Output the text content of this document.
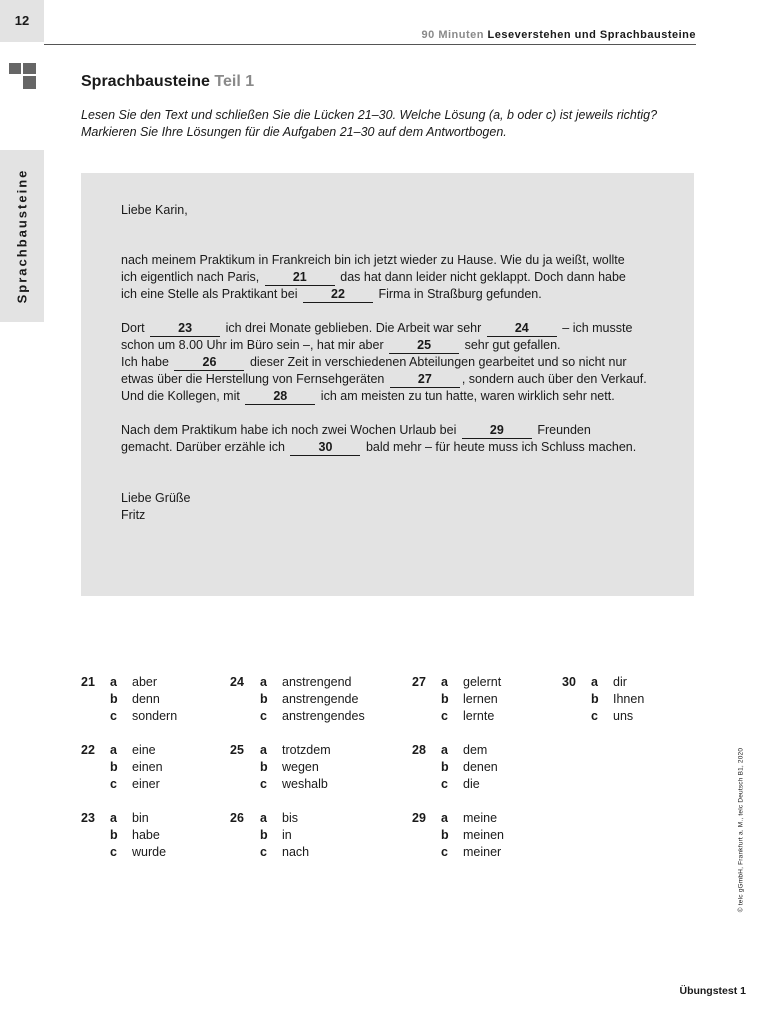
12
90 Minuten Leseverstehen und Sprachbausteine
Sprachbausteine
Sprachbausteine Teil 1

Lesen Sie den Text und schließen Sie die Lücken 21–30. Welche Lösung (a, b oder c) ist jeweils richtig?

Markieren Sie Ihre Lösungen für die Aufgaben 21–30 auf dem Antwortbogen.

Liebe Karin,

nach meinem Praktikum in Frankreich bin ich jetzt wieder zu Hause. Wie du ja weißt, wollte

ich eigentlich nach Paris,	21	das hat dann leider nicht geklappt. Doch dann habe

ich eine Stelle als Praktikant bei	22	Firma in Straßburg gefunden.

Dort	23	ich drei Monate geblieben. Die Arbeit war sehr	24	– ich musste

schon um 8.00 Uhr im Büro sein –, hat mir aber	25	sehr gut gefallen.

Ich habe	26	dieser Zeit in verschiedenen Abteilungen gearbeitet und so nicht nur

etwas über die Herstellung von Fernsehgeräten	27 , sondern auch über den Verkauf.

Und die Kollegen, mit	28	ich am meisten zu tun hatte, waren wirklich sehr nett.

Nach dem Praktikum habe ich noch zwei Wochen Urlaub bei	29	Freunden

gemacht. Darüber erzähle ich	30	bald mehr – für heute muss ich Schluss machen.

Liebe Grüße
Fritz
21 a aber
b denn
c sondern
22 a eine
b einen
c einer
23 a bin
b habe
c wurde
24 a anstrengend
b anstrengende
c anstrengendes
25 a trotzdem
b wegen
c weshalb
26 a bis
b in
c nach
27 a gelernt
b lernen
c lernte
28 a dem
b denen
c die
29 a meine
b meinen
c meiner
30 a dir
b Ihnen
c uns
© telc gGmbH, Frankfurt a. M., telc Deutsch B1, 2020
Übungstest 1
